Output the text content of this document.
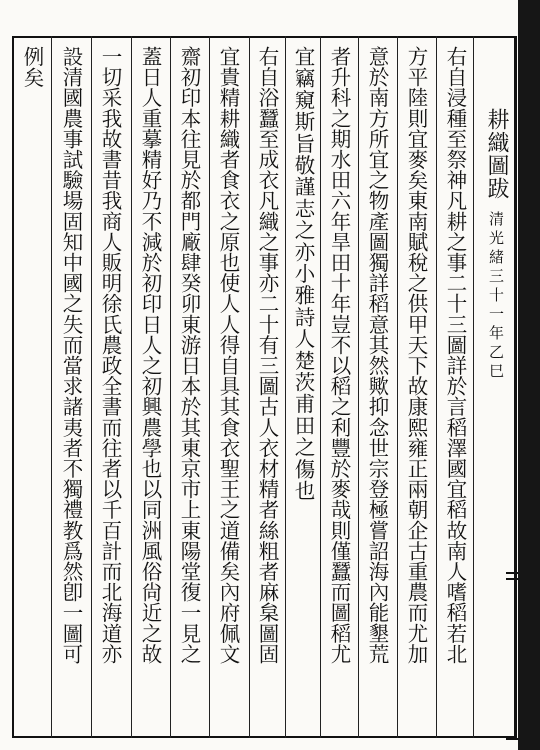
耕織圖跋 清光緒三十一年乙巳
右自浸種至祭神凡耕之事二十三圖詳於言稻澤國宜稻故南人嗜稻若北
方平陸則宜麥矣東南賦稅之供甲天下故康熙雍正兩朝企古重農而尤加
意於南方所宜之物產圖獨詳稻意其然歟抑念世宗登極嘗詔海內能墾荒
者升科之期水田六年旱田十年豈不以稻之利豐於麥哉則僅蠶而圖稻尤
宜竊窺斯旨敬謹志之亦小雅詩人楚茨甫田之傷也
右自浴蠶至成衣凡織之事亦二十有三圖古人衣材精者絲粗者麻枲圖固
宜貴精耕織者食衣之原也使人人得自具其食衣聖王之道備矣內府佩文
齋初印本往見於都門廠肆癸卯東游日本於其東京市上東陽堂復一見之
蓋日人重摹精好乃不減於初印日人之初興農學也以同洲風俗尙近之故
一切采我故書昔我商人販明徐氏農政全書而往者以千百計而北海道亦
設清國農事試驗場固知中國之失而當求諸夷者不獨禮教爲然卽一圖可
例矣
